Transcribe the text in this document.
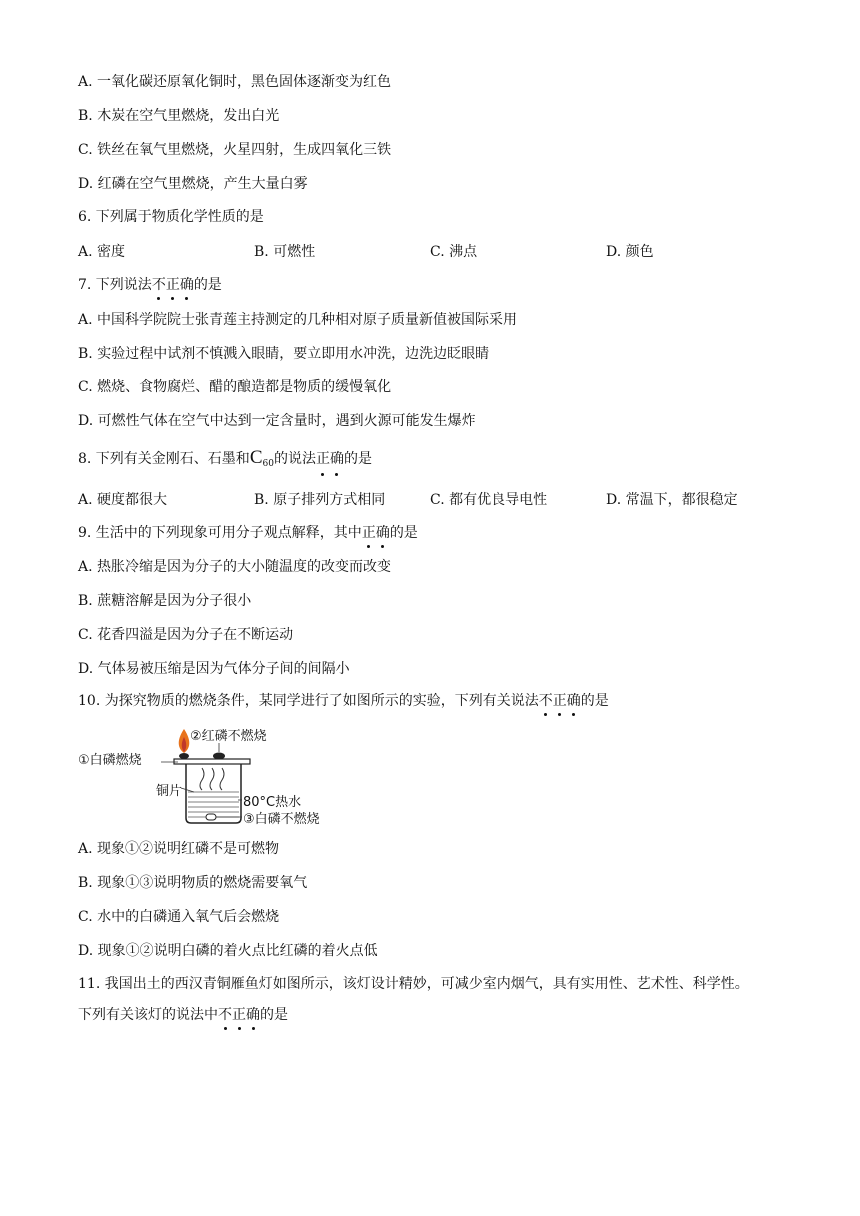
A. 一氧化碳还原氧化铜时，黑色固体逐渐变为红色
B. 木炭在空气里燃烧，发出白光
C. 铁丝在氧气里燃烧，火星四射，生成四氧化三铁
D. 红磷在空气里燃烧，产生大量白雾
6. 下列属于物质化学性质的是
A. 密度	B. 可燃性	C. 沸点	D. 颜色
7. 下列说法不正确的是
A. 中国科学院院士张青莲主持测定的几种相对原子质量新值被国际采用
B. 实验过程中试剂不慎溅入眼睛，要立即用水冲洗，边洗边眨眼睛
C. 燃烧、食物腐烂、醋的酿造都是物质的缓慢氧化
D. 可燃性气体在空气中达到一定含量时，遇到火源可能发生爆炸
8. 下列有关金刚石、石墨和$C_{60}$的说法正确的是
A. 硬度都很大	B. 原子排列方式相同	C. 都有优良导电性	D. 常温下，都很稳定
9. 生活中的下列现象可用分子观点解释，其中正确的是
A. 热胀冷缩是因为分子的大小随温度的改变而改变
B. 蔗糖溶解是因为分子很小
C. 花香四溢是因为分子在不断运动
D. 气体易被压缩是因为气体分子间的间隔小
10. 为探究物质的燃烧条件，某同学进行了如图所示的实验，下列有关说法不正确的是
①白磷燃烧
②红磷不燃烧
铜片
80°C热水
③白磷不燃烧
A. 现象①②说明红磷不是可燃物
B. 现象①③说明物质的燃烧需要氧气
C. 水中的白磷通入氧气后会燃烧
D. 现象①②说明白磷的着火点比红磷的着火点低
11. 我国出土的西汉青铜雁鱼灯如图所示，该灯设计精妙，可减少室内烟气，具有实用性、艺术性、科学性。
下列有关该灯的说法中不正确的是
